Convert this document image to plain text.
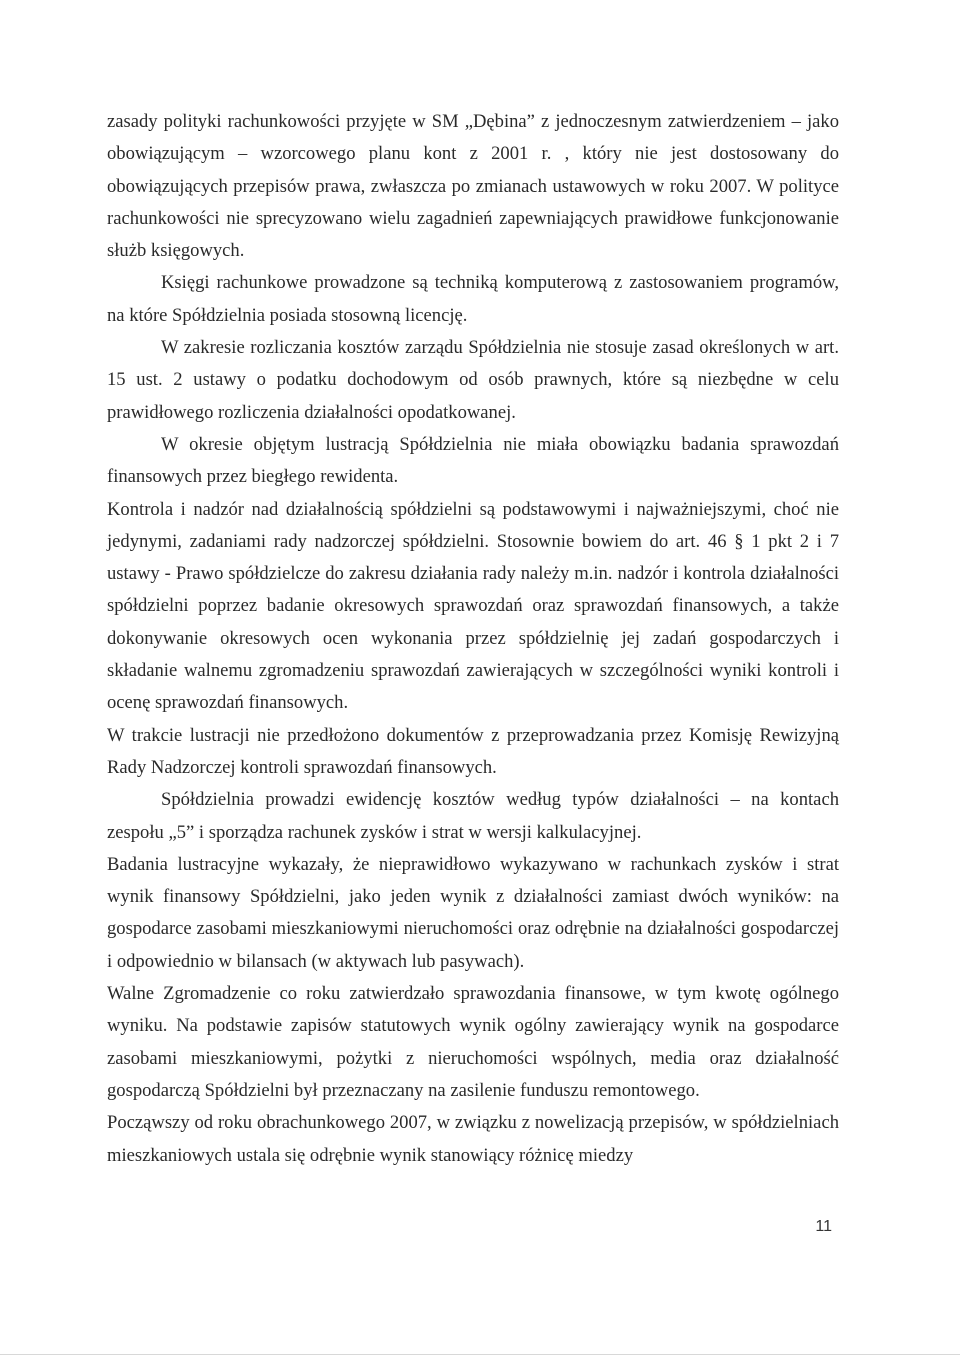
zasady polityki rachunkowości przyjęte w SM „Dębina” z jednoczesnym zatwierdzeniem – jako obowiązującym – wzorcowego planu kont z 2001 r. , który nie jest dostosowany do obowiązujących przepisów prawa, zwłaszcza po zmianach ustawowych w roku 2007. W polityce rachunkowości nie sprecyzowano wielu zagadnień zapewniających prawidłowe funkcjonowanie służb księgowych.

Księgi rachunkowe prowadzone są techniką komputerową z zastosowaniem programów, na które Spółdzielnia posiada stosowną licencję.

W zakresie rozliczania kosztów zarządu Spółdzielnia nie stosuje zasad określonych w art. 15 ust. 2 ustawy o podatku dochodowym od osób prawnych, które są niezbędne w celu prawidłowego rozliczenia działalności opodatkowanej.

W okresie objętym lustracją Spółdzielnia nie miała obowiązku badania sprawozdań finansowych przez biegłego rewidenta.

Kontrola i nadzór nad działalnością spółdzielni są podstawowymi i najważniejszymi, choć nie jedynymi, zadaniami rady nadzorczej spółdzielni. Stosownie bowiem do art. 46 § 1 pkt 2 i 7 ustawy - Prawo spółdzielcze do zakresu działania rady należy m.in. nadzór i kontrola działalności spółdzielni poprzez badanie okresowych sprawozdań oraz sprawozdań finansowych, a także dokonywanie okresowych ocen wykonania przez spółdzielnię jej zadań gospodarczych i składanie walnemu zgromadzeniu sprawozdań zawierających w szczególności wyniki kontroli i ocenę sprawozdań finansowych.

W trakcie lustracji nie przedłożono dokumentów z przeprowadzania przez Komisję Rewizyjną Rady Nadzorczej kontroli sprawozdań finansowych.

Spółdzielnia prowadzi ewidencję kosztów według typów działalności – na kontach zespołu „5” i sporządza rachunek zysków i strat w wersji kalkulacyjnej.

Badania lustracyjne wykazały, że nieprawidłowo wykazywano w rachunkach zysków i strat wynik finansowy Spółdzielni, jako jeden wynik z działalności zamiast dwóch wyników: na gospodarce zasobami mieszkaniowymi nieruchomości oraz odrębnie na działalności gospodarczej i odpowiednio w bilansach (w aktywach lub pasywach).

Walne Zgromadzenie co roku zatwierdzało sprawozdania finansowe, w tym kwotę ogólnego wyniku. Na podstawie zapisów statutowych wynik ogólny zawierający wynik na gospodarce zasobami mieszkaniowymi, pożytki z nieruchomości wspólnych, media oraz działalność gospodarczą Spółdzielni był przeznaczany na zasilenie funduszu remontowego.

Począwszy od roku obrachunkowego 2007, w związku z nowelizacją przepisów, w spółdzielniach mieszkaniowych ustala się odrębnie wynik stanowiący różnicę miedzy

11
